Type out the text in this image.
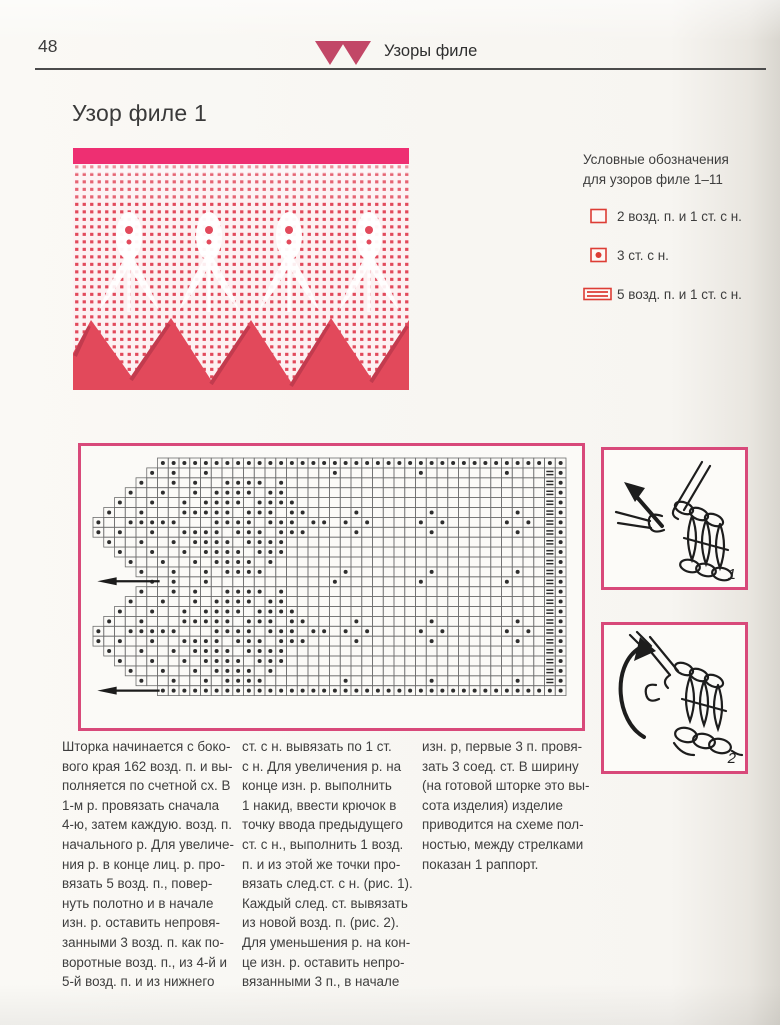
48	Узоры филе
Узор филе 1
Условные обозначения
для узоров филе 1–11
2 возд. п. и 1 ст. с н.
3 ст. с н.
5 возд. п. и 1 ст. с н.
1
2
Шторка начинается с боко-
вого края 162 возд. п. и вы-
полняется по счетной сх. В
1-м р. провязать сначала
4-ю, затем каждую. возд. п.
начального р. Для увеличе-
ния р. в конце лиц. р. про-
вязать 5 возд. п., повер-
нуть полотно и в начале
изн. р. оставить непровя-
занными 3 возд. п. как по-
воротные возд. п., из 4-й и
5-й возд. п. и из нижнего
ст. с н. вывязать по 1 ст.
с н. Для увеличения р. на
конце изн. р. выполнить
1 накид, ввести крючок в
точку ввода предыдущего
ст. с н., выполнить 1 возд.
п. и из этой же точки про-
вязать след.ст. с н. (рис. 1).
Каждый след. ст. вывязать
из новой возд. п. (рис. 2).
Для уменьшения р. на кон-
це изн. р. оставить непро-
вязанными 3 п., в начале
изн. р, первые 3 п. провя-
зать 3 соед. ст. В ширину
(на готовой шторке это вы-
сота изделия) изделие
приводится на схеме пол-
ностью, между стрелками
показан 1 раппорт.
